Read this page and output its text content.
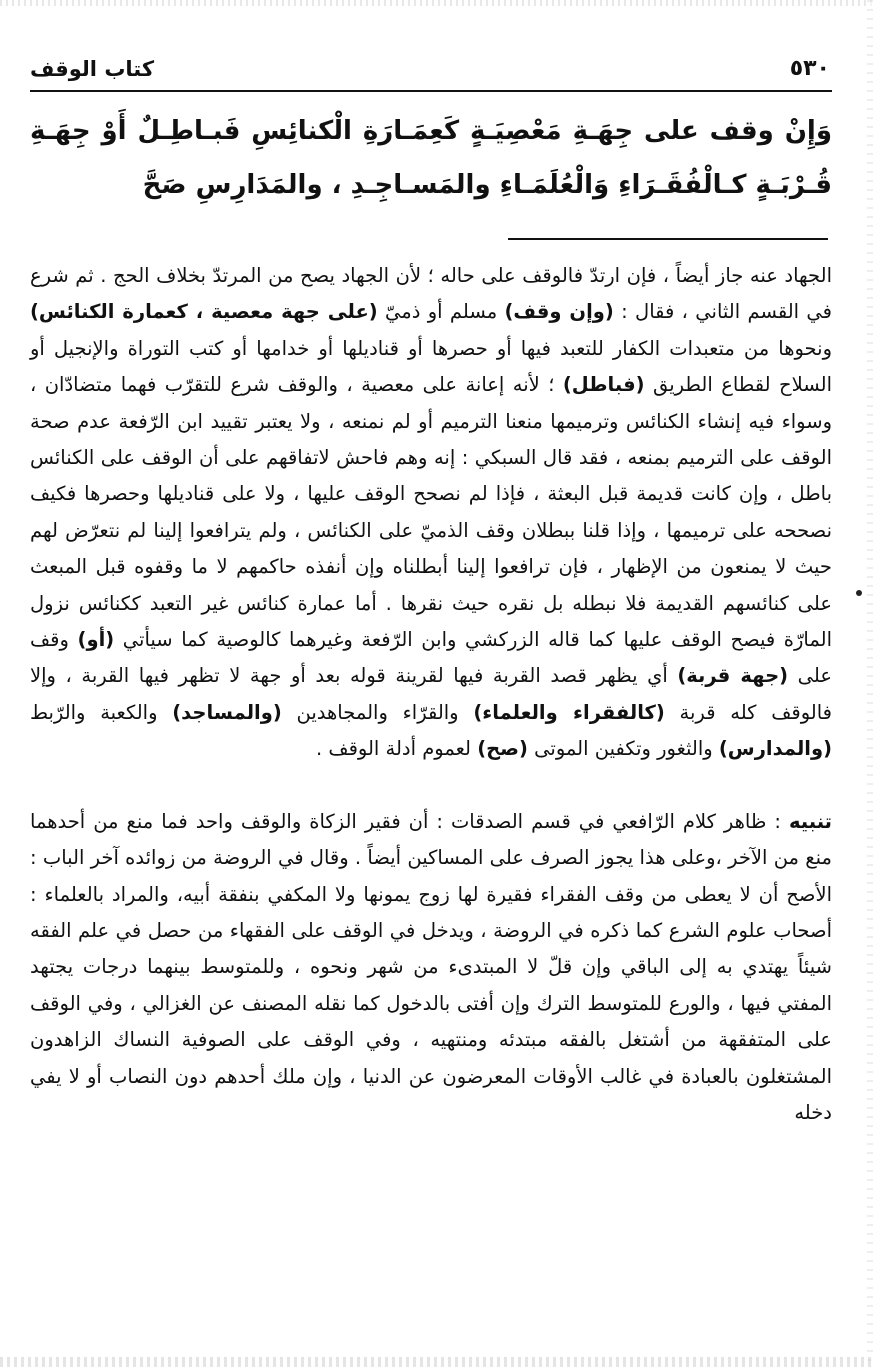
٥٣٠
كتاب الوقف
وَإِنْ وقف على جِهَـةِ مَعْصِيَـةٍ كَعِمَـارَةِ الْكنائِسِ فَبـاطِـلٌ أَوْ جِهَـةِ قُـرْبَـةٍ كـالْفُقَـرَاءِ وَالْعُلَمَـاءِ والمَسـاجِـدِ ، والمَدَارِسِ صَحَّ

الجهاد عنه جاز أيضاً ، فإن ارتدّ فالوقف على حاله ؛ لأن الجهاد يصح من المرتدّ بخلاف الحج . ثم شرع في القسم الثاني ، فقال : (وإن وقف) مسلم أو ذميّ (على جهة معصية ، كعمارة الكنائس) ونحوها من متعبدات الكفار للتعبد فيها أو حصرها أو قناديلها أو خدامها أو كتب التوراة والإنجيل أو السلاح لقطاع الطريق (فباطل) ؛ لأنه إعانة على معصية ، والوقف شرع للتقرّب فهما متضادّان ، وسواء فيه إنشاء الكنائس وترميمها منعنا الترميم أو لم نمنعه ، ولا يعتبر تقييد ابن الرّفعة عدم صحة الوقف على الترميم بمنعه ، فقد قال السبكي : إنه وهم فاحش لاتفاقهم على أن الوقف على الكنائس باطل ، وإن كانت قديمة قبل البعثة ، فإذا لم نصحح الوقف عليها ، ولا على قناديلها وحصرها فكيف نصححه على ترميمها ، وإذا قلنا ببطلان وقف الذميّ على الكنائس ، ولم يترافعوا إلينا لم نتعرّض لهم حيث لا يمنعون من الإظهار ، فإن ترافعوا إلينا أبطلناه وإن أنفذه حاكمهم لا ما وقفوه قبل المبعث على كنائسهم القديمة فلا نبطله بل نقره حيث نقرها . أما عمارة كنائس غير التعبد ككنائس نزول المارّة فيصح الوقف عليها كما قاله الزركشي وابن الرّفعة وغيرهما كالوصية كما سيأتي (أو) وقف على (جهة قربة) أي يظهر قصد القربة فيها لقرينة قوله بعد أو جهة لا تظهر فيها القربة ، وإلا فالوقف كله قربة (كالفقراء والعلماء) والقرّاء والمجاهدين (والمساجد) والكعبة والرّبط (والمدارس) والثغور وتكفين الموتى (صح) لعموم أدلة الوقف .

تنبيه : ظاهر كلام الرّافعي في قسم الصدقات : أن فقير الزكاة والوقف واحد فما منع من أحدهما منع من الآخر ،وعلى هذا يجوز الصرف على المساكين أيضاً . وقال في الروضة من زوائده آخر الباب : الأصح أن لا يعطى من وقف الفقراء فقيرة لها زوج يمونها ولا المكفي بنفقة أبيه، والمراد بالعلماء : أصحاب علوم الشرع كما ذكره في الروضة ، ويدخل في الوقف على الفقهاء من حصل في علم الفقه شيئاً يهتدي به إلى الباقي وإن قلّ لا المبتدىء من شهر ونحوه ، وللمتوسط بينهما درجات يجتهد المفتي فيها ، والورع للمتوسط الترك وإن أفتى بالدخول كما نقله المصنف عن الغزالي ، وفي الوقف على المتفقهة من أشتغل بالفقه مبتدئه ومنتهيه ، وفي الوقف على الصوفية النساك الزاهدون المشتغلون بالعبادة في غالب الأوقات المعرضون عن الدنيا ، وإن ملك أحدهم دون النصاب أو لا يفي دخله
